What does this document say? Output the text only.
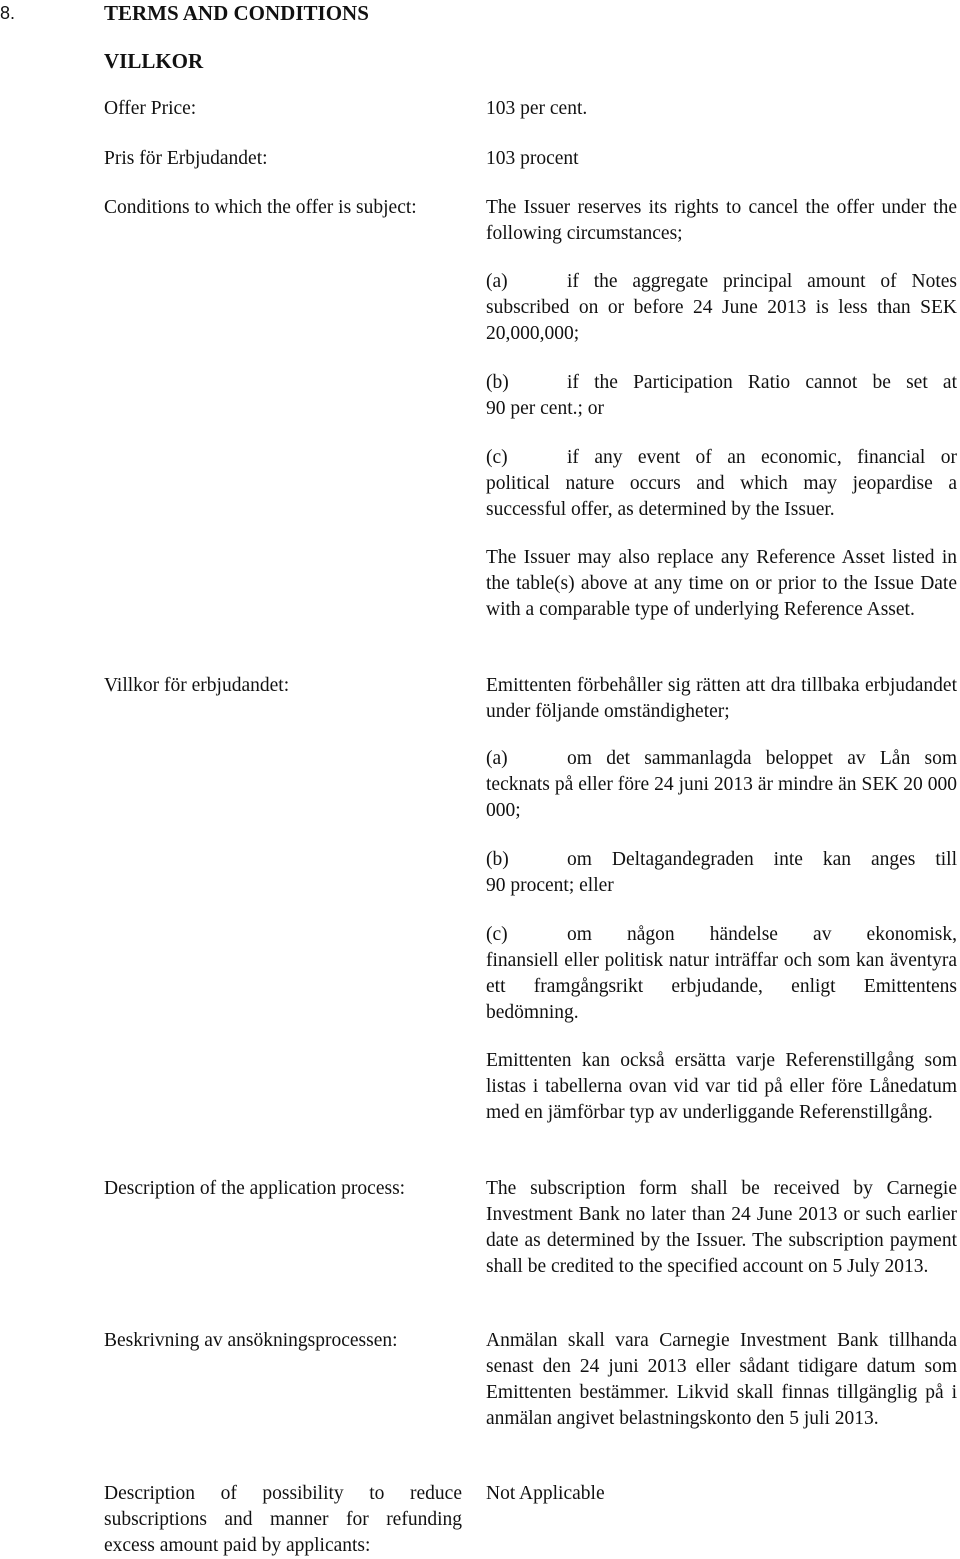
8.	TERMS AND CONDITIONS
VILLKOR
Offer Price:	103 per cent.
Pris för Erbjudandet:	103 procent
Conditions to which the offer is subject:	The Issuer reserves its rights to cancel the offer under the following circumstances;
(a)	if the aggregate principal amount of Notes
subscribed on or before 24 June 2013 is less than SEK 20,000,000;
(b)	if the Participation Ratio cannot be set at
90 per cent.; or
(c)	if any event of an economic, financial or
political nature occurs and which may jeopardise a successful offer, as determined by the Issuer.
The Issuer may also replace any Reference Asset listed in the table(s) above at any time on or prior to the Issue Date with a comparable type of underlying Reference Asset.
Villkor för erbjudandet:	Emittenten förbehåller sig rätten att dra tillbaka erbjudandet under följande omständigheter;
(a)	om det sammanlagda beloppet av Lån som
tecknats på eller före 24 juni 2013 är mindre än SEK 20 000 000;
(b)	om Deltagandegraden inte kan anges till
90 procent; eller
(c)	om någon händelse av ekonomisk,
finansiell eller politisk natur inträffar och som kan äventyra ett framgångsrikt erbjudande, enligt Emittentens bedömning.
Emittenten kan också ersätta varje Referenstillgång som listas i tabellerna ovan vid var tid på eller före Lånedatum med en jämförbar typ av underliggande Referenstillgång.
Description of the application process:	The subscription form shall be received by Carnegie Investment Bank no later than 24 June 2013 or such earlier date as determined by the Issuer. The subscription payment shall be credited to the specified account on 5 July 2013.
Beskrivning av ansökningsprocessen:	Anmälan skall vara Carnegie Investment Bank tillhanda senast den 24 juni 2013 eller sådant tidigare datum som Emittenten bestämmer. Likvid skall finnas tillgänglig på i anmälan angivet belastningskonto den 5 juli 2013.
Description of possibility to reduce subscriptions and manner for refunding excess amount paid by applicants:
Not Applicable
